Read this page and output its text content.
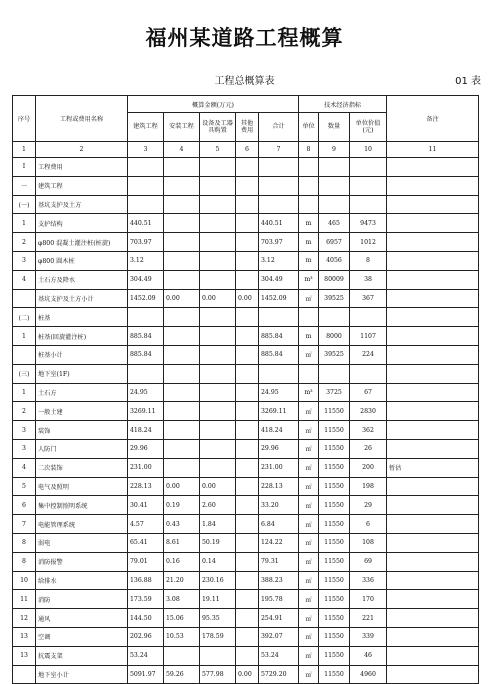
福州某道路工程概算
工程总概算表	01 表
序号	工程或费用名称	概算金额(万元)					技术经济指标			备注
		建筑工程	安装工程	设备及工器具购置	其他费用	合计	单位	数量	单位价值(元)	
1	2	3	4	5	6	7	8	9	10	11
Ⅰ	工程费用									
一	建筑工程									
(一)	基坑支护及土方									
1	支护结构	440.51				440.51	m	465	9473	
2	φ800 混凝土灌注桩(桩旋)	703.97				703.97	m	6957	1012	
3	φ800 圆木桩	3.12				3.12	m	4056	8	
4	土石方及降水	304.49				304.49	m³	80009	38	
	基坑支护及土方小计	1452.09	0.00	0.00	0.00	1452.09	㎡	39525	367	
(二)	桩基									
1	桩基(回旋灌注桩)	885.84				885.84	m	8000	1107	
	桩基小计	885.84				885.84	㎡	39525	224	
(三)	地下室(1F)									
1	土石方	24.95				24.95	m³	3725	67	
2	一般土建	3269.11				3269.11	㎡	11550	2830	
3	装饰	418.24				418.24	㎡	11550	362	
3	人防门	29.96				29.96	㎡	11550	26	
4	二次装饰	231.00				231.00	㎡	11550	200	暂估
5	电气及照明	228.13	0.00	0.00		228.13	㎡	11550	198	
6	集中控制照明系统	30.41	0.19	2.60		33.20	㎡	11550	29	
7	电能管理系统	4.57	0.43	1.84		6.84	㎡	11550	6	
8	弱电	65.41	8.61	50.19		124.22	㎡	11550	108	
8	消防报警	79.01	0.16	0.14		79.31	㎡	11550	69	
10	给排水	136.88	21.20	230.16		388.23	㎡	11550	336	
11	消防	173.59	3.08	19.11		195.78	㎡	11550	170	
12	通风	144.50	15.06	95.35		254.91	㎡	11550	221	
13	空调	202.96	10.53	178.59		392.07	㎡	11550	339	
13	抗震支架	53.24				53.24	㎡	11550	46	
	地下室小计	5091.97	59.26	577.98	0.00	5729.20	㎡	11550	4960	
